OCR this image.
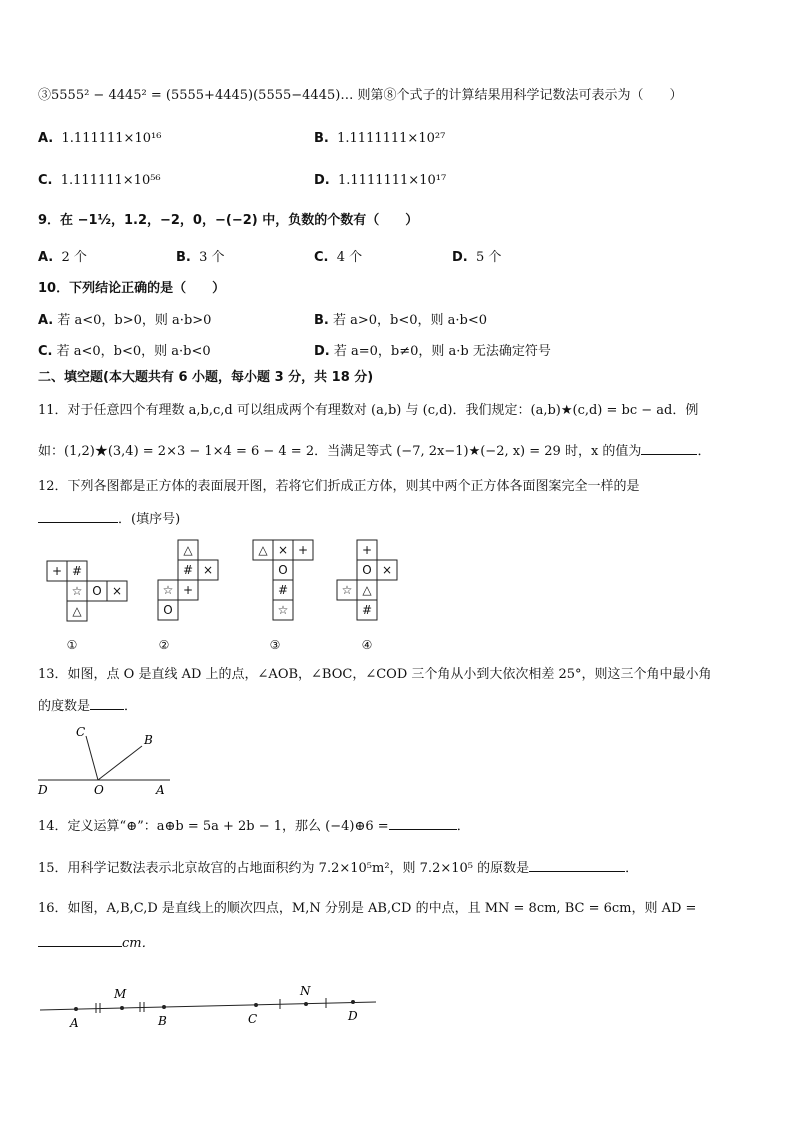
③5555² − 4445² = (5555+4445)(5555−4445)… 则第⑧个式子的计算结果用科学记数法可表示为（　　）
A. 1.111111×10¹⁶	B. 1.1111111×10²⁷
C. 1.111111×10⁵⁶	D. 1.1111111×10¹⁷
9．在 −1½，1.2，−2，0，−(−2) 中，负数的个数有（　　）
A. 2 个	B. 3 个	C. 4 个	D. 5 个
10．下列结论正确的是（　　）
A. 若 a<0，b>0，则 a·b>0	B. 若 a>0，b<0，则 a·b<0
C. 若 a<0，b<0，则 a·b<0	D. 若 a=0，b≠0，则 a·b 无法确定符号
二、填空题(本大题共有 6 小题，每小题 3 分，共 18 分)
11．对于任意四个有理数 a,b,c,d 可以组成两个有理数对 (a,b) 与 (c,d)．我们规定：(a,b)★(c,d) = bc − ad．例
如：(1,2)★(3,4) = 2×3 − 1×4 = 6 − 4 = 2．当满足等式 (−7, 2x−1)★(−2, x) = 29 时，x 的值为	．
12．下列各图都是正方体的表面展开图，若将它们折成正方体，则其中两个正方体各面图案完全一样的是
．(填序号)
+ #
☆ O ×
△
①
△
# ×
☆ +
O
②
△ × +
O
#
☆
③
+
O ×
☆ △
#
④
13．如图，点 O 是直线 AD 上的点，∠AOB，∠BOC，∠COD 三个角从小到大依次相差 25°，则这三个角中最小角
的度数是	．
C
B
D	O	A
14．定义运算“⊕”：a⊕b = 5a + 2b − 1，那么 (−4)⊕6 =	．
15．用科学记数法表示北京故宫的占地面积约为 7.2×10⁵m²，则 7.2×10⁵ 的原数是	．
16．如图，A,B,C,D 是直线上的顺次四点，M,N 分别是 AB,CD 的中点，且 MN = 8cm, BC = 6cm，则 AD =
cm．
A
M
B	C
N
D
